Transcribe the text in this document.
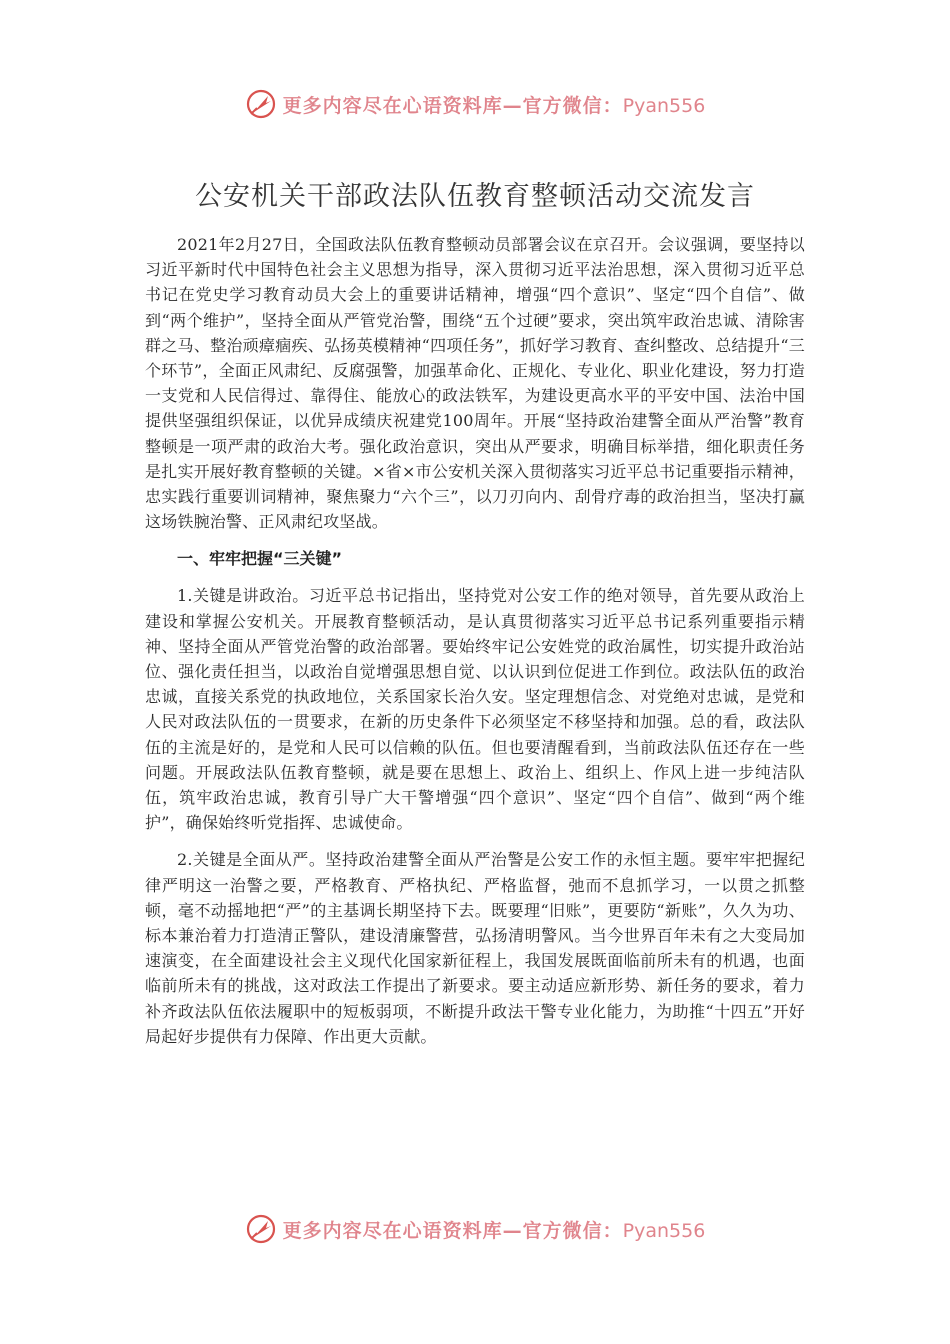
更多内容尽在心语资料库—官方微信：Pyan556
公安机关干部政法队伍教育整顿活动交流发言

2021年2月27日，全国政法队伍教育整顿动员部署会议在京召开。会议强调，要坚持以习近平新时代中国特色社会主义思想为指导，深入贯彻习近平法治思想，深入贯彻习近平总书记在党史学习教育动员大会上的重要讲话精神，增强“四个意识”、坚定“四个自信”、做到“两个维护”，坚持全面从严管党治警，围绕“五个过硬”要求，突出筑牢政治忠诚、清除害群之马、整治顽瘴痼疾、弘扬英模精神“四项任务”，抓好学习教育、查纠整改、总结提升“三个环节”，全面正风肃纪、反腐强警，加强革命化、正规化、专业化、职业化建设，努力打造一支党和人民信得过、靠得住、能放心的政法铁军，为建设更高水平的平安中国、法治中国提供坚强组织保证，以优异成绩庆祝建党100周年。开展“坚持政治建警全面从严治警”教育整顿是一项严肃的政治大考。强化政治意识，突出从严要求，明确目标举措，细化职责任务是扎实开展好教育整顿的关键。×省×市公安机关深入贯彻落实习近平总书记重要指示精神，忠实践行重要训词精神，聚焦聚力“六个三”，以刀刃向内、刮骨疗毒的政治担当，坚决打赢这场铁腕治警、正风肃纪攻坚战。

一、牢牢把握“三关键”

1.关键是讲政治。习近平总书记指出，坚持党对公安工作的绝对领导，首先要从政治上建设和掌握公安机关。开展教育整顿活动，是认真贯彻落实习近平总书记系列重要指示精神、坚持全面从严管党治警的政治部署。要始终牢记公安姓党的政治属性，切实提升政治站位、强化责任担当，以政治自觉增强思想自觉、以认识到位促进工作到位。政法队伍的政治忠诚，直接关系党的执政地位，关系国家长治久安。坚定理想信念、对党绝对忠诚，是党和人民对政法队伍的一贯要求，在新的历史条件下必须坚定不移坚持和加强。总的看，政法队伍的主流是好的，是党和人民可以信赖的队伍。但也要清醒看到，当前政法队伍还存在一些问题。开展政法队伍教育整顿，就是要在思想上、政治上、组织上、作风上进一步纯洁队伍，筑牢政治忠诚，教育引导广大干警增强“四个意识”、坚定“四个自信”、做到“两个维护”，确保始终听党指挥、忠诚使命。

2.关键是全面从严。坚持政治建警全面从严治警是公安工作的永恒主题。要牢牢把握纪律严明这一治警之要，严格教育、严格执纪、严格监督，弛而不息抓学习，一以贯之抓整顿，毫不动摇地把“严”的主基调长期坚持下去。既要理“旧账”，更要防“新账”，久久为功、标本兼治着力打造清正警队，建设清廉警营，弘扬清明警风。当今世界百年未有之大变局加速演变，在全面建设社会主义现代化国家新征程上，我国发展既面临前所未有的机遇，也面临前所未有的挑战，这对政法工作提出了新要求。要主动适应新形势、新任务的要求，着力补齐政法队伍依法履职中的短板弱项，不断提升政法干警专业化能力，为助推“十四五”开好局起好步提供有力保障、作出更大贡献。

更多内容尽在心语资料库—官方微信：Pyan556
